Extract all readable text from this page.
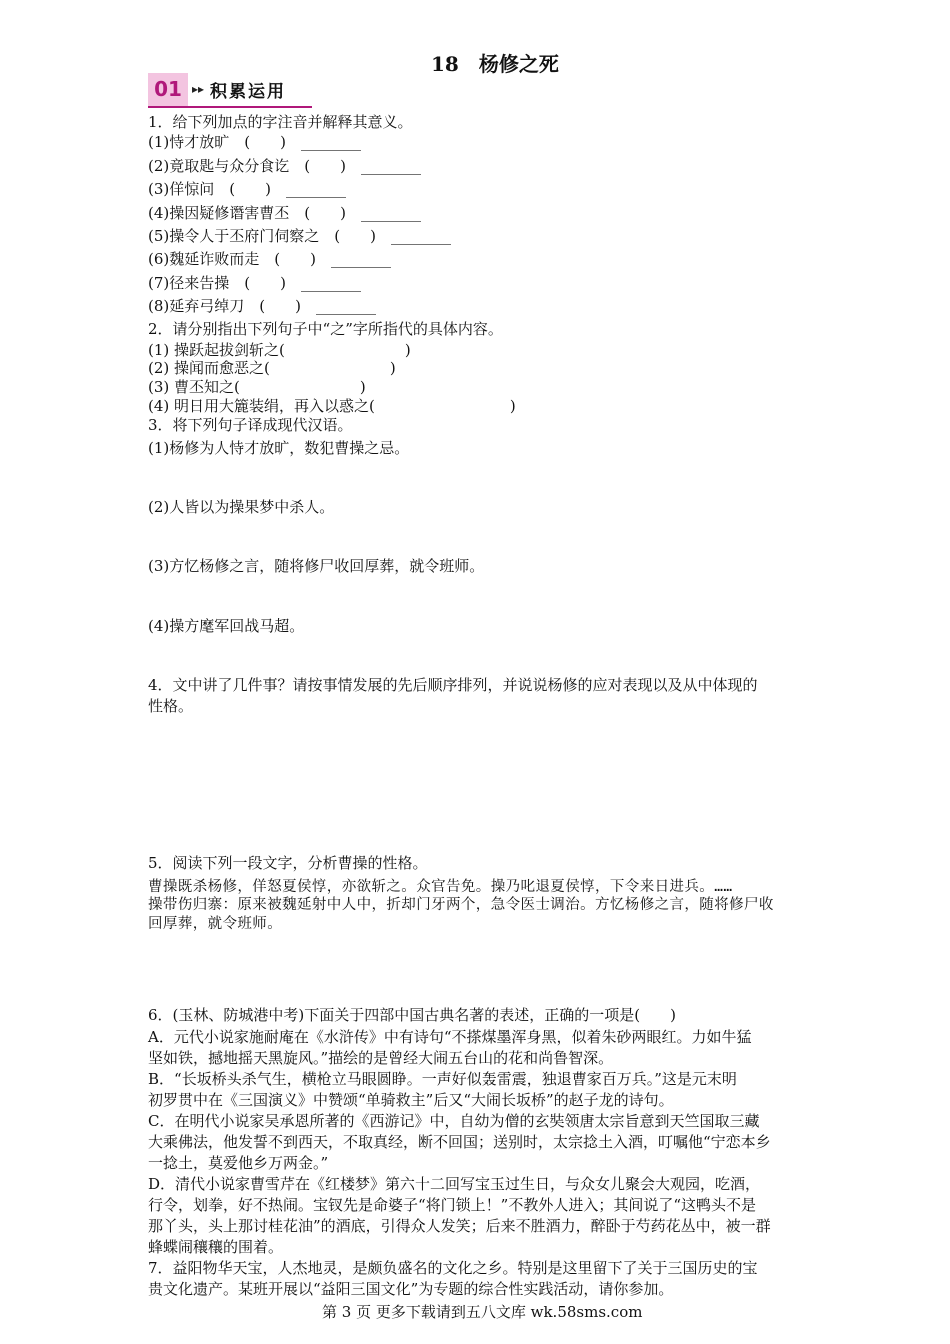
18　杨修之死
01 ▸▸ 积累运用
1．给下列加点的字注音并解释其意义。
(1)恃才放旷　(　　)　________
(2)竟取匙与众分食讫　(　　)　________
(3)佯惊问　(　　)　________
(4)操因疑修谮害曹丕　(　　)　________
(5)操令人于丕府门伺察之　(　　)　________
(6)魏延诈败而走　(　　)　________
(7)径来告操　(　　)　________
(8)延弃弓绰刀　(　　)　________
2．请分别指出下列句子中“之”字所指代的具体内容。
(1) 操跃起拔剑斩之(　　　　　　　　)
(2) 操闻而愈恶之(　　　　　　　　)
(3) 曹丕知之(　　　　　　　　)
(4) 明日用大簏装绢，再入以惑之(　　　　　　　　　)
3．将下列句子译成现代汉语。
(1)杨修为人恃才放旷，数犯曹操之忌。
(2)人皆以为操果梦中杀人。
(3)方忆杨修之言，随将修尸收回厚葬，就令班师。
(4)操方麾军回战马超。
4．文中讲了几件事？请按事情发展的先后顺序排列，并说说杨修的应对表现以及从中体现的
性格。
5．阅读下列一段文字，分析曹操的性格。
曹操既杀杨修，佯怒夏侯惇，亦欲斩之。众官告免。操乃叱退夏侯惇，下令来日进兵。……
操带伤归寨：原来被魏延射中人中，折却门牙两个，急令医士调治。方忆杨修之言，随将修尸收
回厚葬，就令班师。
6．(玉林、防城港中考)下面关于四部中国古典名著的表述，正确的一项是(　　)
A．元代小说家施耐庵在《水浒传》中有诗句“不搽煤墨浑身黑，似着朱砂两眼红。力如牛猛
坚如铁，撼地摇天黑旋风。”描绘的是曾经大闹五台山的花和尚鲁智深。
B．“长坂桥头杀气生，横枪立马眼圆睁。一声好似轰雷震，独退曹家百万兵。”这是元末明
初罗贯中在《三国演义》中赞颂“单骑救主”后又“大闹长坂桥”的赵子龙的诗句。
C．在明代小说家吴承恩所著的《西游记》中，自幼为僧的玄奘领唐太宗旨意到天竺国取三藏
大乘佛法，他发誓不到西天，不取真经，断不回国；送别时，太宗捻土入酒，叮嘱他“宁恋本乡
一捻土，莫爱他乡万两金。”
D．清代小说家曹雪芹在《红楼梦》第六十二回写宝玉过生日，与众女儿聚会大观园，吃酒，
行令，划拳，好不热闹。宝钗先是命婆子“将门锁上！”不教外人进入；其间说了“这鸭头不是
那丫头，头上那讨桂花油”的酒底，引得众人发笑；后来不胜酒力，醉卧于芍药花丛中，被一群
蜂蝶闹穰穰的围着。
7．益阳物华天宝，人杰地灵，是颇负盛名的文化之乡。特别是这里留下了关于三国历史的宝
贵文化遗产。某班开展以“益阳三国文化”为专题的综合性实践活动，请你参加。
第 3 页 更多下载请到五八文库 wk.58sms.com
